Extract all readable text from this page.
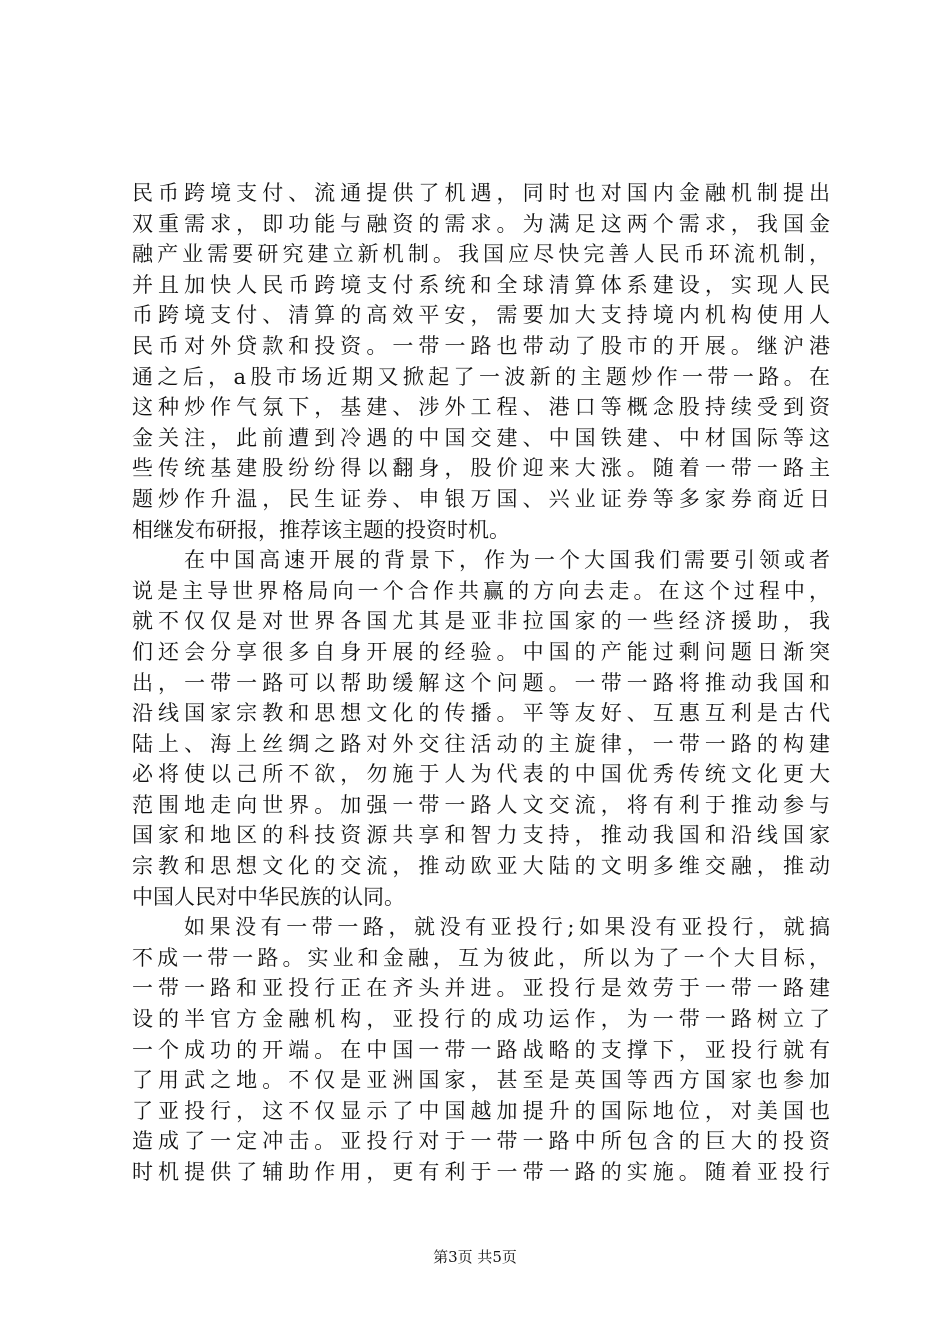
民币跨境支付、流通提供了机遇，同时也对国内金融机制提出
双重需求，即功能与融资的需求。为满足这两个需求，我国金
融产业需要研究建立新机制。我国应尽快完善人民币环流机制，
并且加快人民币跨境支付系统和全球清算体系建设，实现人民
币跨境支付、清算的高效平安，需要加大支持境内机构使用人
民币对外贷款和投资。一带一路也带动了股市的开展。继沪港
通之后，a股市场近期又掀起了一波新的主题炒作一带一路。在
这种炒作气氛下，基建、涉外工程、港口等概念股持续受到资
金关注，此前遭到冷遇的中国交建、中国铁建、中材国际等这
些传统基建股纷纷得以翻身，股价迎来大涨。随着一带一路主
题炒作升温，民生证券、申银万国、兴业证券等多家券商近日
相继发布研报，推荐该主题的投资时机。
在中国高速开展的背景下，作为一个大国我们需要引领或者
说是主导世界格局向一个合作共赢的方向去走。在这个过程中，
就不仅仅是对世界各国尤其是亚非拉国家的一些经济援助，我
们还会分享很多自身开展的经验。中国的产能过剩问题日渐突
出，一带一路可以帮助缓解这个问题。一带一路将推动我国和
沿线国家宗教和思想文化的传播。平等友好、互惠互利是古代
陆上、海上丝绸之路对外交往活动的主旋律，一带一路的构建
必将使以己所不欲，勿施于人为代表的中国优秀传统文化更大
范围地走向世界。加强一带一路人文交流，将有利于推动参与
国家和地区的科技资源共享和智力支持，推动我国和沿线国家
宗教和思想文化的交流，推动欧亚大陆的文明多维交融，推动
中国人民对中华民族的认同。
如果没有一带一路，就没有亚投行;如果没有亚投行，就搞
不成一带一路。实业和金融，互为彼此，所以为了一个大目标，
一带一路和亚投行正在齐头并进。亚投行是效劳于一带一路建
设的半官方金融机构，亚投行的成功运作，为一带一路树立了
一个成功的开端。在中国一带一路战略的支撑下，亚投行就有
了用武之地。不仅是亚洲国家，甚至是英国等西方国家也参加
了亚投行，这不仅显示了中国越加提升的国际地位，对美国也
造成了一定冲击。亚投行对于一带一路中所包含的巨大的投资
时机提供了辅助作用，更有利于一带一路的实施。随着亚投行
第3页 共5页
